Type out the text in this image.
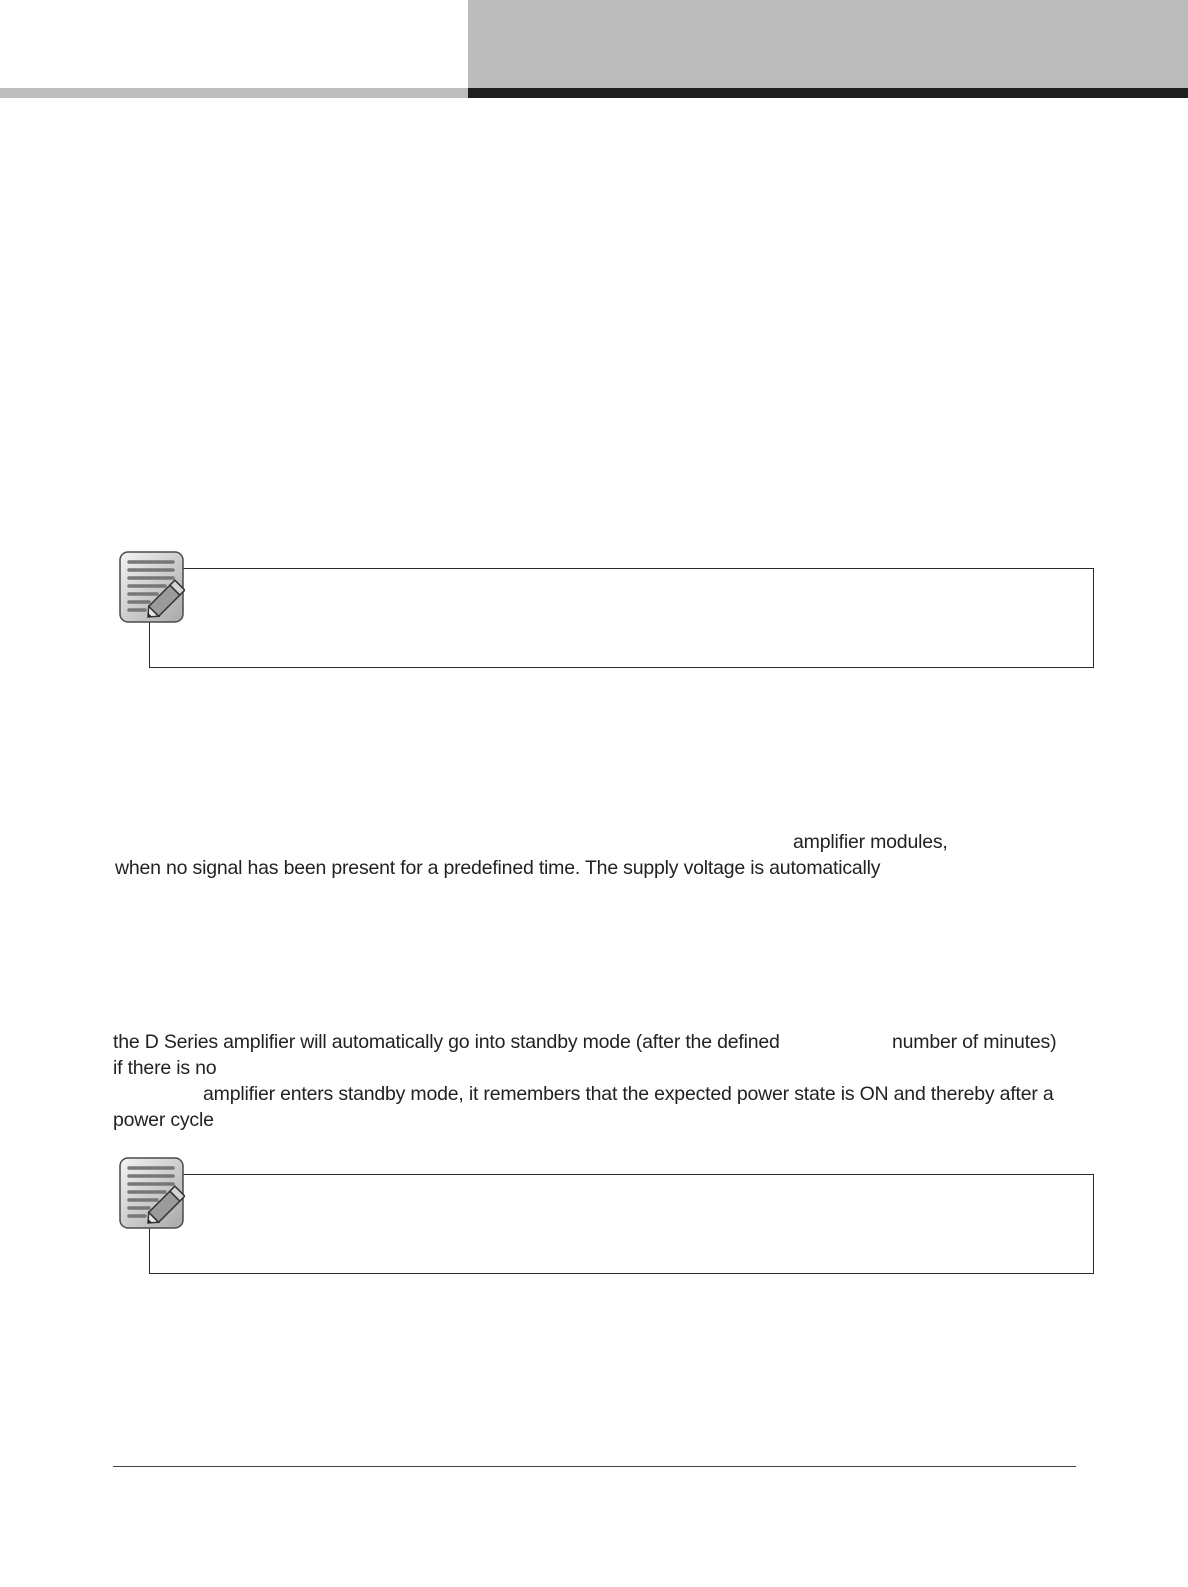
amplifier modules,
when no signal has been present for a predefined time. The supply voltage is automatically
the D Series amplifier will automatically go into standby mode (after the defined	number of minutes)
if there is no
amplifier enters standby mode, it remembers that the expected power state is ON and thereby after a
power cycle
